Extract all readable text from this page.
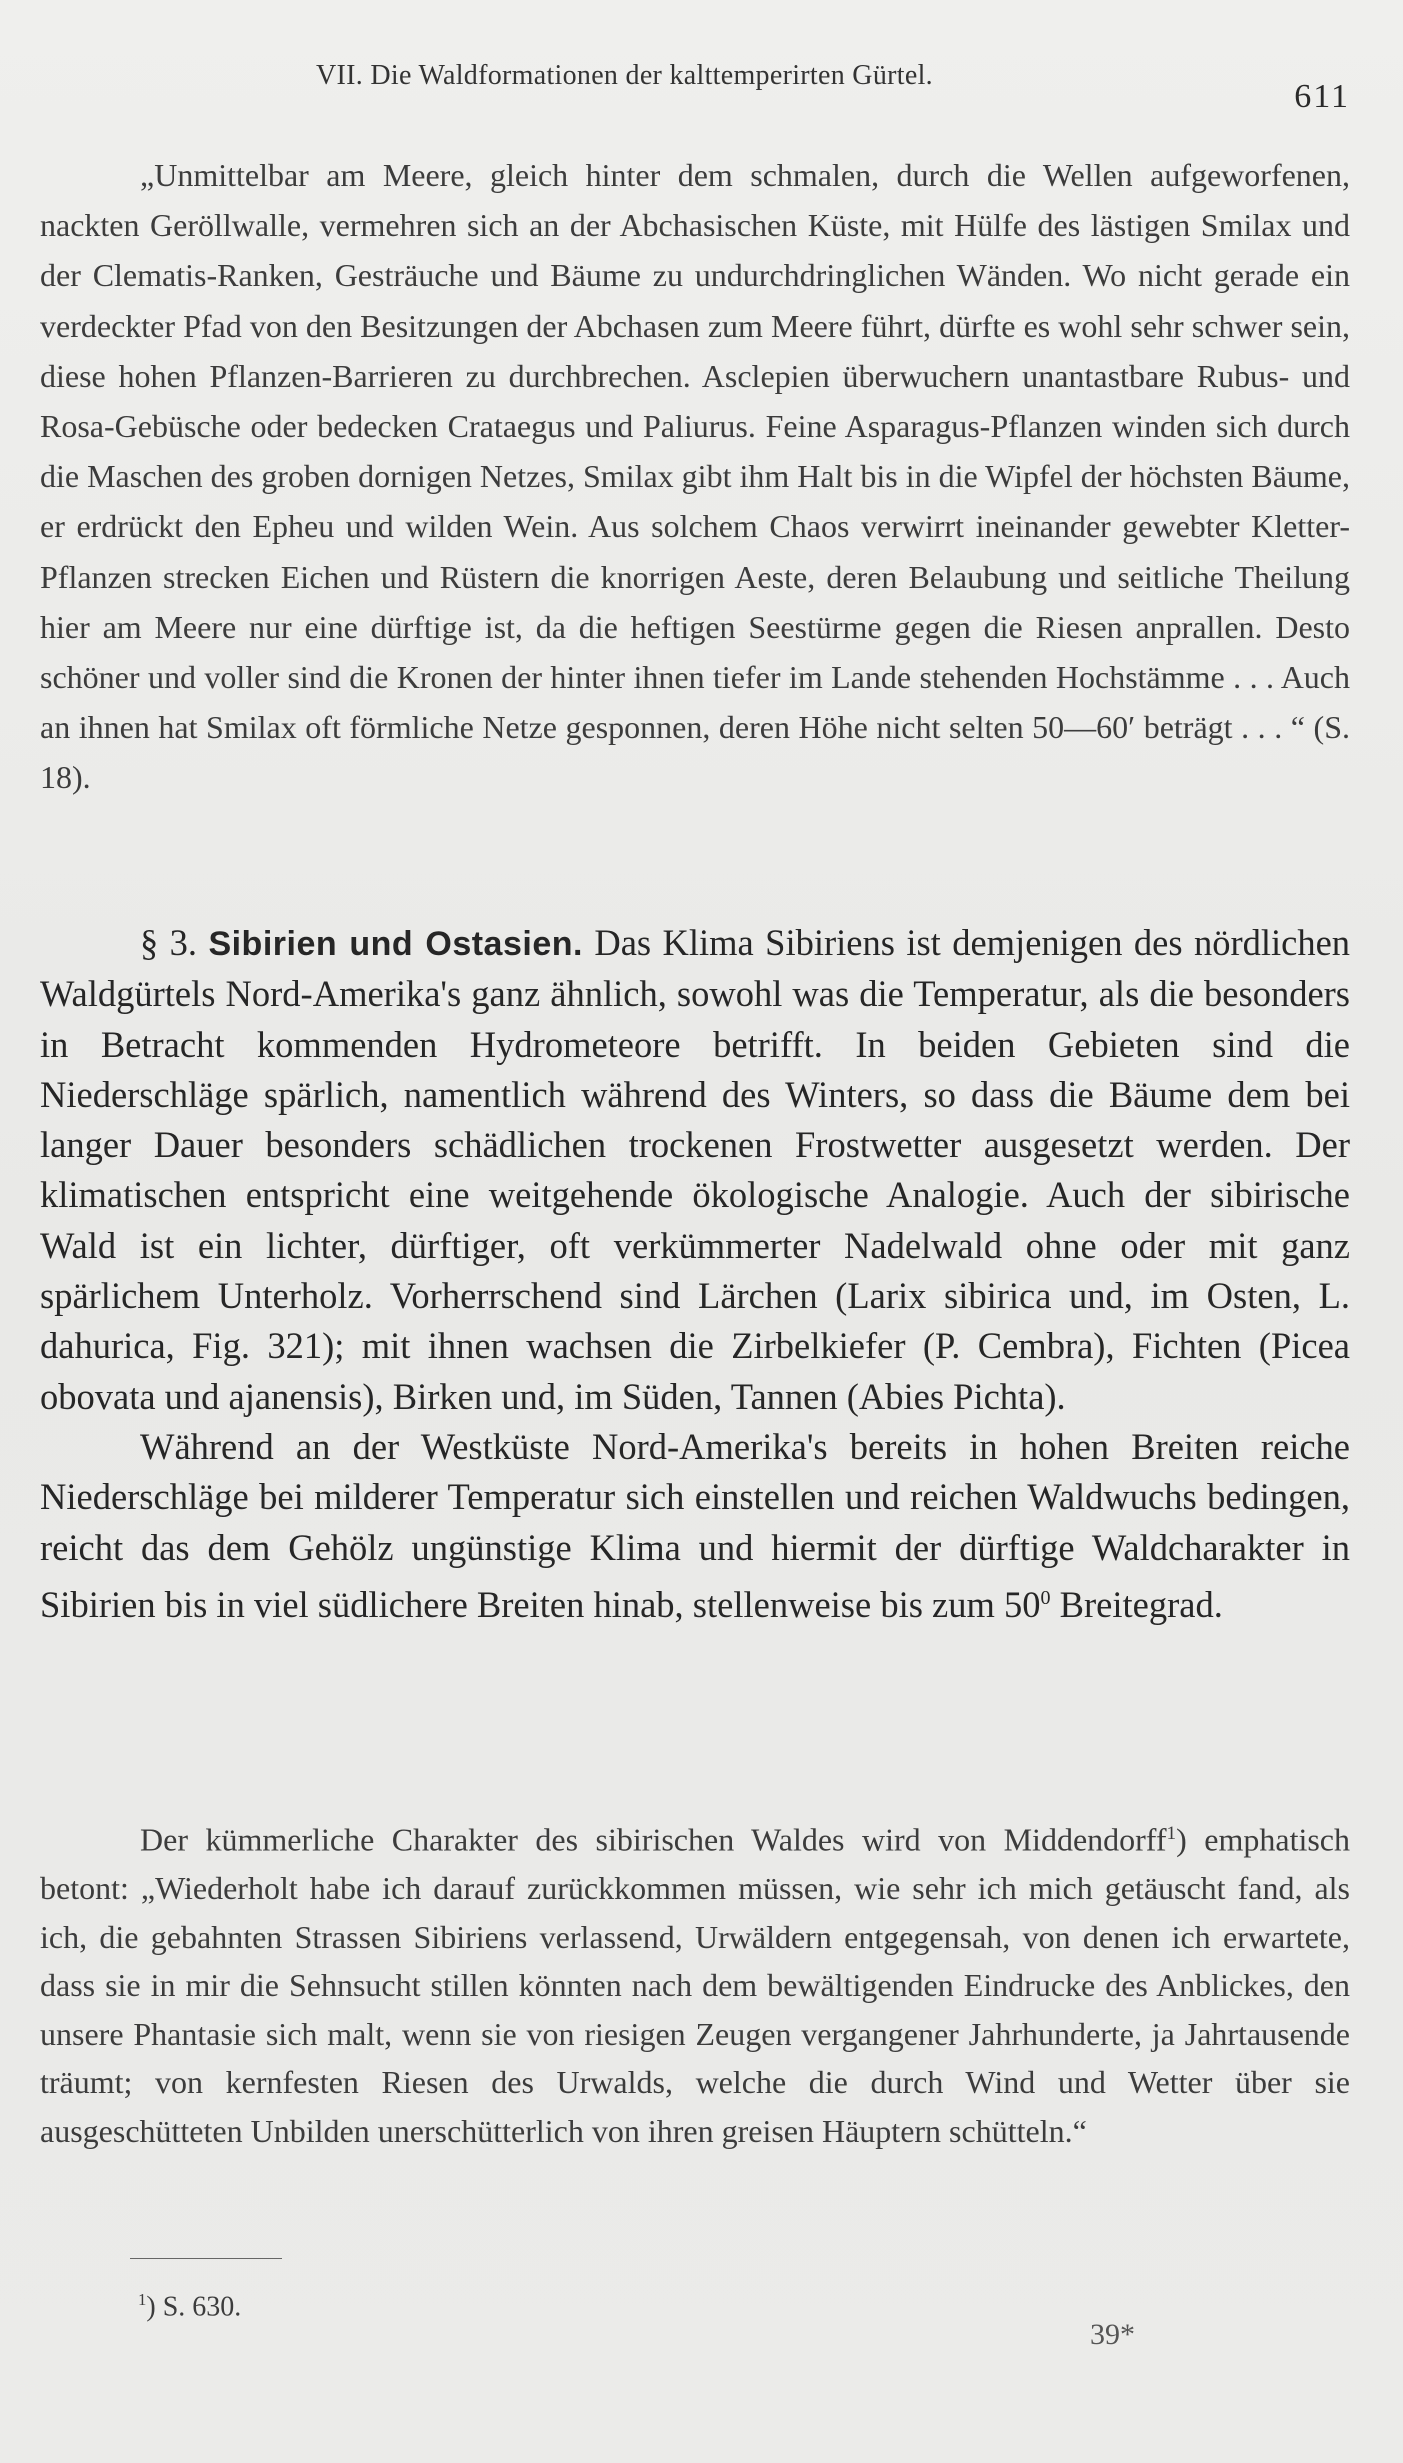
VII. Die Waldformationen der kalttemperirten Gürtel.
611

„Unmittelbar am Meere, gleich hinter dem schmalen, durch die Wellen aufgeworfenen, nackten Geröllwalle, vermehren sich an der Abchasischen Küste, mit Hülfe des lästigen Smilax und der Clematis-Ranken, Gesträuche und Bäume zu undurchdringlichen Wänden. Wo nicht gerade ein verdeckter Pfad von den Besitzungen der Abchasen zum Meere führt, dürfte es wohl sehr schwer sein, diese hohen Pflanzen-Barrieren zu durchbrechen. Asclepien überwuchern unantastbare Rubus- und Rosa-Gebüsche oder bedecken Crataegus und Paliurus. Feine Asparagus-Pflanzen winden sich durch die Maschen des groben dornigen Netzes, Smilax gibt ihm Halt bis in die Wipfel der höchsten Bäume, er erdrückt den Epheu und wilden Wein. Aus solchem Chaos verwirrt ineinander gewebter Kletter-Pflanzen strecken Eichen und Rüstern die knorrigen Aeste, deren Belaubung und seitliche Theilung hier am Meere nur eine dürftige ist, da die heftigen Seestürme gegen die Riesen anprallen. Desto schöner und voller sind die Kronen der hinter ihnen tiefer im Lande stehenden Hochstämme . . . Auch an ihnen hat Smilax oft förmliche Netze gesponnen, deren Höhe nicht selten 50—60′ beträgt . . . “ (S. 18).

§ 3. Sibirien und Ostasien. Das Klima Sibiriens ist demjenigen des nördlichen Waldgürtels Nord-Amerika's ganz ähnlich, sowohl was die Temperatur, als die besonders in Betracht kommenden Hydrometeore betrifft. In beiden Gebieten sind die Niederschläge spärlich, namentlich während des Winters, so dass die Bäume dem bei langer Dauer besonders schädlichen trockenen Frostwetter ausgesetzt werden. Der klimatischen entspricht eine weitgehende ökologische Analogie. Auch der sibirische Wald ist ein lichter, dürftiger, oft verkümmerter Nadelwald ohne oder mit ganz spärlichem Unterholz. Vorherrschend sind Lärchen (Larix sibirica und, im Osten, L. dahurica, Fig. 321); mit ihnen wachsen die Zirbelkiefer (P. Cembra), Fichten (Picea obovata und ajanensis), Birken und, im Süden, Tannen (Abies Pichta).

Während an der Westküste Nord-Amerika's bereits in hohen Breiten reiche Niederschläge bei milderer Temperatur sich einstellen und reichen Waldwuchs bedingen, reicht das dem Gehölz ungünstige Klima und hiermit der dürftige Waldcharakter in Sibirien bis in viel südlichere Breiten hinab, stellenweise bis zum $50^0$ Breitegrad.

Der kümmerliche Charakter des sibirischen Waldes wird von Middendorff$^1$) emphatisch betont: „Wiederholt habe ich darauf zurückkommen müssen, wie sehr ich mich getäuscht fand, als ich, die gebahnten Strassen Sibiriens verlassend, Urwäldern entgegensah, von denen ich erwartete, dass sie in mir die Sehnsucht stillen könnten nach dem bewältigenden Eindrucke des Anblickes, den unsere Phantasie sich malt, wenn sie von riesigen Zeugen vergangener Jahrhunderte, ja Jahrtausende träumt; von kernfesten Riesen des Urwalds, welche die durch Wind und Wetter über sie ausgeschütteten Unbilden unerschütterlich von ihren greisen Häuptern schütteln.“

$^1$) S. 630.
39*
